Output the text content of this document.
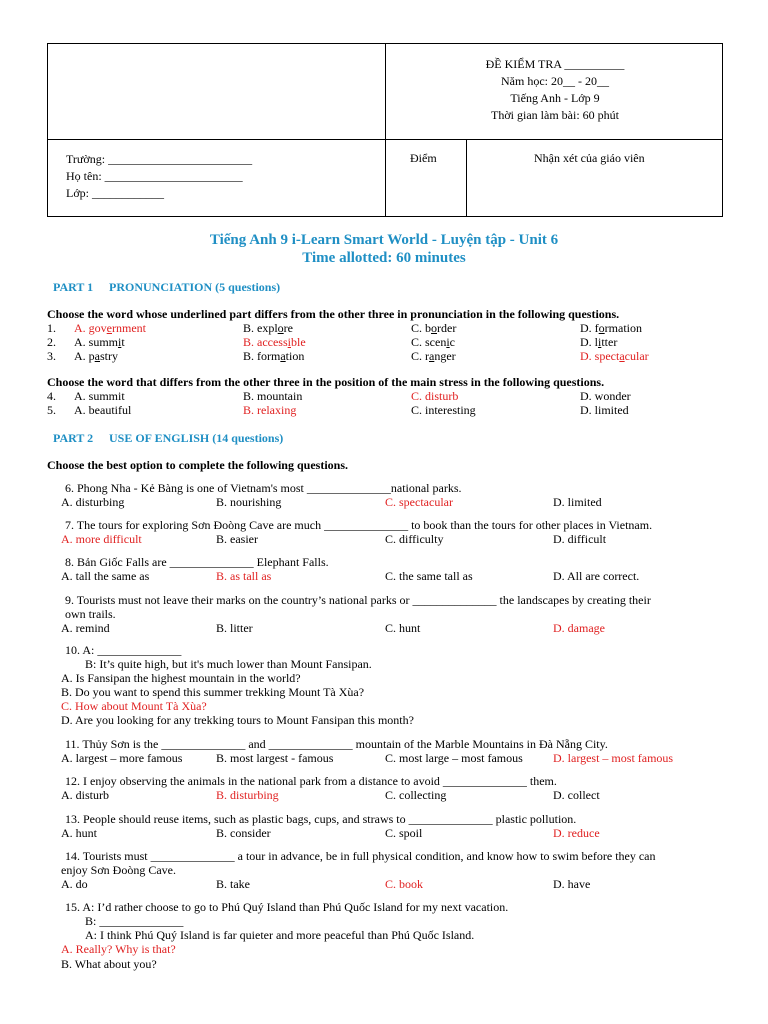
ĐỀ KIỂM TRA __________
Năm học: 20__ - 20__
Tiếng Anh - Lớp 9
Thời gian làm bài: 60 phút
Trường: ________________________
Họ tên: _______________________
Lớp: ____________
Điểm	Nhận xét của giáo viên
Tiếng Anh 9 i-Learn Smart World - Luyện tập - Unit 6
Time allotted: 60 minutes
PART 1 PRONUNCIATION (5 questions)
Choose the word whose underlined part differs from the other three in pronunciation in the following questions.
1. A. government	B. explore	C. border	D. formation
2. A. summit	B. accessible	C. scenic	D. litter
3. A. pastry	B. formation	C. ranger	D. spectacular
Choose the word that differs from the other three in the position of the main stress in the following questions.
4. A. summit	B. mountain	C. disturb	D. wonder
5. A. beautiful	B. relaxing	C. interesting	D. limited
PART 2 USE OF ENGLISH (14 questions)
Choose the best option to complete the following questions.
6. Phong Nha - Kẻ Bàng is one of Vietnam's most ______________national parks.
A. disturbing	B. nourishing	C. spectacular	D. limited
7. The tours for exploring Sơn Đoòng Cave are much ______________ to book than the tours for other places in Vietnam.
A. more difficult	B. easier	C. difficulty	D. difficult
8. Bản Giốc Falls are ______________ Elephant Falls.
A. tall the same as	B. as tall as	C. the same tall as	D. All are correct.
9. Tourists must not leave their marks on the country’s national parks or ______________ the landscapes by creating their
own trails.
A. remind	B. litter	C. hunt	D. damage
10. A: ______________
B: It’s quite high, but it's much lower than Mount Fansipan.
A. Is Fansipan the highest mountain in the world?
B. Do you want to spend this summer trekking Mount Tà Xùa?
C. How about Mount Tà Xùa?
D. Are you looking for any trekking tours to Mount Fansipan this month?
11. Thủy Sơn is the ______________ and ______________ mountain of the Marble Mountains in Đà Nẵng City.
A. largest – more famous	B. most largest - famous	C. most large – most famous	D. largest – most famous
12. I enjoy observing the animals in the national park from a distance to avoid ______________ them.
A. disturb	B. disturbing	C. collecting	D. collect
13. People should reuse items, such as plastic bags, cups, and straws to ______________ plastic pollution.
A. hunt	B. consider	C. spoil	D. reduce
14. Tourists must ______________ a tour in advance, be in full physical condition, and know how to swim before they can
enjoy Sơn Đoòng Cave.
A. do	B. take	C. book	D. have
15. A: I’d rather choose to go to Phú Quý Island than Phú Quốc Island for my next vacation.
B: ______________
A: I think Phú Quý Island is far quieter and more peaceful than Phú Quốc Island.
A. Really? Why is that?
B. What about you?
